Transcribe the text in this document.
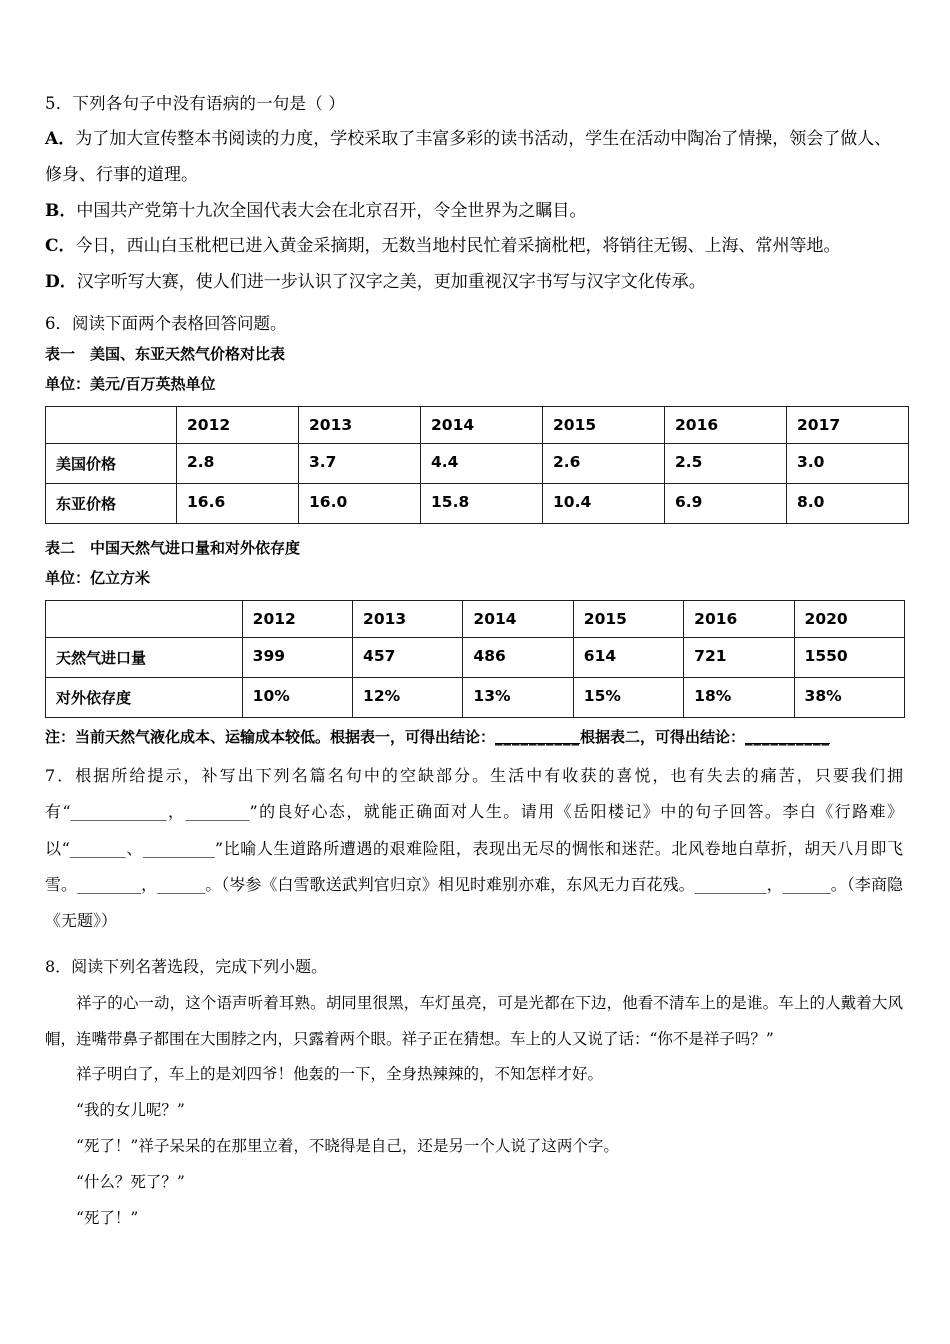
5．下列各句子中没有语病的一句是（ ）

A．为了加大宣传整本书阅读的力度，学校采取了丰富多彩的读书活动，学生在活动中陶冶了情操，领会了做人、修身、行事的道理。

B．中国共产党第十九次全国代表大会在北京召开，令全世界为之瞩目。

C．今日，西山白玉枇杷已进入黄金采摘期，无数当地村民忙着采摘枇杷，将销往无锡、上海、常州等地。

D．汉字听写大赛，使人们进一步认识了汉字之美，更加重视汉字书写与汉字文化传承。

6．阅读下面两个表格回答问题。

表一　美国、东亚天然气价格对比表

单位：美元/百万英热单位

	2012	2013	2014	2015	2016	2017
美国价格	2.8	3.7	4.4	2.6	2.5	3.0
东亚价格	16.6	16.0	15.8	10.4	6.9	8.0

表二　中国天然气进口量和对外依存度

单位：亿立方米

	2012	2013	2014	2015	2016	2020
天然气进口量	399	457	486	614	721	1550
对外依存度	10%	12%	13%	15%	18%	38%

注：当前天然气液化成本、运输成本较低。根据表一，可得出结论：__________根据表二，可得出结论：__________

7．根据所给提示，补写出下列名篇名句中的空缺部分。生活中有收获的喜悦，也有失去的痛苦，只要我们拥有“____________，________”的良好心态，就能正确面对人生。请用《岳阳楼记》中的句子回答。李白《行路难》以“_______、_________”比喻人生道路所遭遇的艰难险阻，表现出无尽的惆怅和迷茫。北风卷地白草折，胡天八月即飞雪。________，______。（岑参《白雪歌送武判官归京》相见时难别亦难，东风无力百花残。_________，______。（李商隐《无题》）

8．阅读下列名著选段，完成下列小题。

祥子的心一动，这个语声听着耳熟。胡同里很黑，车灯虽亮，可是光都在下边，他看不清车上的是谁。车上的人戴着大风帽，连嘴带鼻子都围在大围脖之内，只露着两个眼。祥子正在猜想。车上的人又说了话：“你不是祥子吗？”

祥子明白了，车上的是刘四爷！他轰的一下，全身热辣辣的，不知怎样才好。

“我的女儿呢？”

“死了！”祥子呆呆的在那里立着，不晓得是自己，还是另一个人说了这两个字。

“什么？死了？”

“死了！”
